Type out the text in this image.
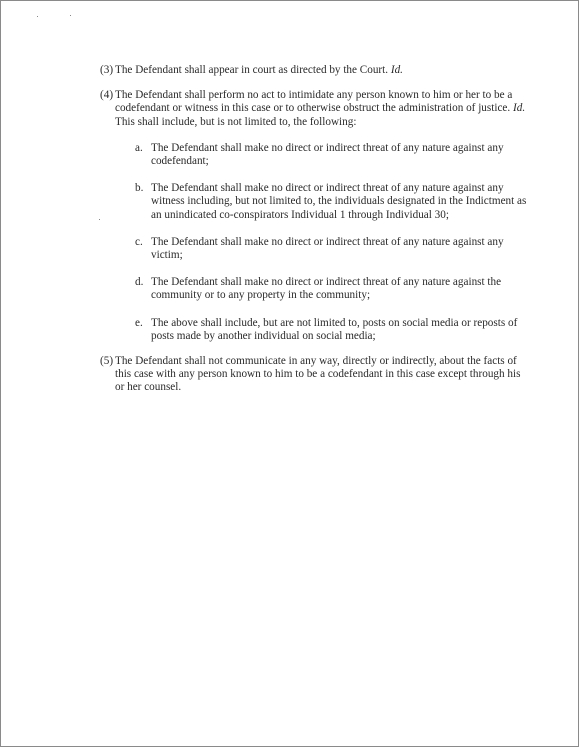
(3) The Defendant shall appear in court as directed by the Court. Id.
(4) The Defendant shall perform no act to intimidate any person known to him or her to be a codefendant or witness in this case or to otherwise obstruct the administration of justice. Id. This shall include, but is not limited to, the following:
a. The Defendant shall make no direct or indirect threat of any nature against any codefendant;
b. The Defendant shall make no direct or indirect threat of any nature against any witness including, but not limited to, the individuals designated in the Indictment as an unindicated co-conspirators Individual 1 through Individual 30;
c. The Defendant shall make no direct or indirect threat of any nature against any victim;
d. The Defendant shall make no direct or indirect threat of any nature against the community or to any property in the community;
e. The above shall include, but are not limited to, posts on social media or reposts of posts made by another individual on social media;
(5) The Defendant shall not communicate in any way, directly or indirectly, about the facts of this case with any person known to him to be a codefendant in this case except through his or her counsel.
